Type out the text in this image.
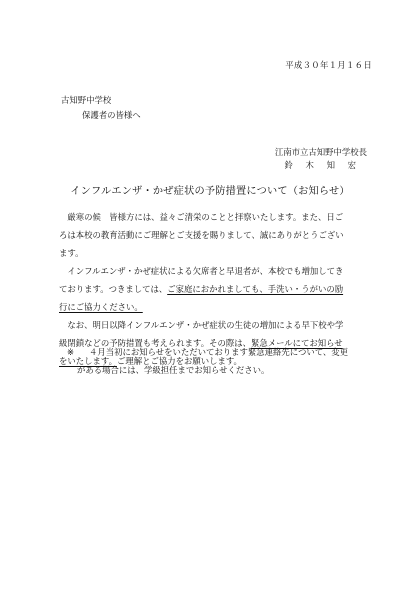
平成３０年１月１６日
古知野中学校
保護者の皆様へ
江南市立古知野中学校長
鈴 木 知 宏
インフルエンザ・かぜ症状の予防措置について（お知らせ）

　厳寒の候　皆様方には、益々ご清栄のことと拝察いたします。また、日ご

ろは本校の教育活動にご理解とご支援を賜りまして、誠にありがとうござい

ます。

　インフルエンザ・かぜ症状による欠席者と早退者が、本校でも増加してき

ております。つきましては、ご家庭におかれましても、手洗い・うがいの励

行にご協力ください。

　なお、明日以降インフルエンザ・かぜ症状の生徒の増加による早下校や学

級閉鎖などの予防措置も考えられます。その際は、緊急メールにてお知らせ

をいたします。ご理解とご協力をお願いします。

※ ４月当初にお知らせをいただいております緊急連絡先について、変更
がある場合には、学級担任までお知らせください。
